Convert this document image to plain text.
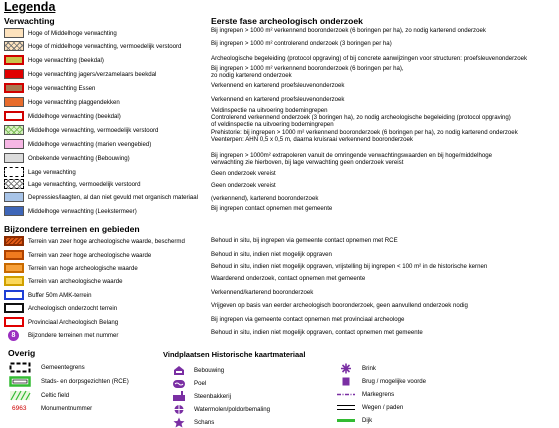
Legenda
Verwachting	Eerste fase archeologisch onderzoek
Hoge of Middelhoge verwachting
Hoge of middelhoge verwachting, vermoedelijk verstoord
Hoge verwachting (beekdal)
Hoge verwachting jagers/verzamelaars beekdal
Hoge verwachting Essen
Hoge verwachting plaggendekken
Middelhoge verwachting (beekdal)
Middelhoge verwachting, vermoedelijk verstoord
Middelhoge verwachting (marien veengebied)
Onbekende verwachting (Bebouwing)
Lage verwachting
Lage verwachting, vermoedelijk verstoord
Depressies/laagten, al dan niet gevuld met organisch materiaal
Middelhoge verwachting (Leekstermeer)
Bij ingrepen > 1000 m² verkennend booronderzoek (6 boringen per ha), zo nodig karterend onderzoek
Bij ingrepen > 1000 m² controlerend onderzoek (3 boringen per ha)
Archeologische begeleiding (protocol opgraving) of bij concrete aanwijzingen voor structuren: proefsleuvenonderzoek
Bij ingrepen > 1000 m² verkennend booronderzoek (6 boringen per ha),
zo nodig karterend onderzoek
Verkennend en karterend proefsleuvenonderzoek
Verkennend en karterend proefsleuvenonderzoek
Veldinspectie na uitvoering bodemingrepen
Controlerend verkennend onderzoek (3 boringen ha), zo nodig archeologische begeleiding (protocol opgraving)
of veldinspectie na uitvoering bodemingrepen
Prehistorie: bij ingrepen > 1000 m² verkennend booronderzoek (6 boringen per ha), zo nodig karterend onderzoek
Veenterpen: AHN 0,5 x 0,5 m, daarna kruisraai verkennend booronderzoek
Bij ingrepen > 1000m² extrapoleren vanuit de omringende verwachtingswaarden en bij hoge/middelhoge
verwachting zie hierboven, bij lage verwachting geen onderzoek vereist
Geen onderzoek vereist
Geen onderzoek vereist
(verkennend), karterend booronderzoek
Bij ingrepen contact opnemen met gemeente
Bijzondere terreinen en gebieden
Terrein van zeer hoge archeologische waarde, beschermd
Terrein van zeer hoge archeologische waarde
Terrein van hoge archeologische waarde
Terrein van archeologische waarde
Buffer 50m AMK-terrein
Archeologisch onderzocht terrein
Provinciaal Archeologisch Belang
8 Bijzondere terreinen met nummer
Behoud in situ, bij ingrepen via gemeente contact opnemen met RCE
Behoud in situ, indien niet mogelijk opgraven
Behoud in situ, indien niet mogelijk opgraven, vrijstelling bij ingrepen < 100 m² in de historische kernen
Waarderend onderzoek, contact opnemen met gemeente
Verkennend/karterend booronderzoek
Vrijgeven op basis van eerder archeologisch booronderzoek, geen aanvullend onderzoek nodig
Bij ingrepen via gemeente contact opnemen met provinciaal archeologe
Behoud in situ, indien niet mogelijk opgraven, contact opnemen met gemeente
Overig
Gemeentegrens
Stads- en dorpsgezichten (RCE)
Celtic field
6963 Monumentnummer
Vindplaatsen Historische kaartmateriaal
Bebouwing
Poel
Steenbakkerij
Watermolen/poldorbemaling
Schans
Brink
Brug / mogelijke voorde
Markegrens
Wegen / paden
Dijk
